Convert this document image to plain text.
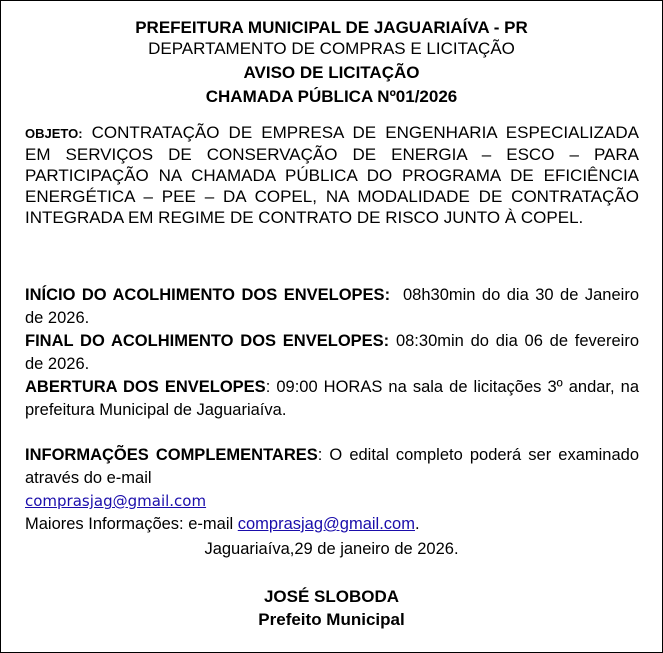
PREFEITURA MUNICIPAL DE JAGUARIAÍVA - PR
DEPARTAMENTO DE COMPRAS E LICITAÇÃO
AVISO DE LICITAÇÃO
CHAMADA PÚBLICA Nº01/2026
OBJETO: CONTRATAÇÃO DE EMPRESA DE ENGENHARIA ESPECIALIZADA EM SERVIÇOS DE CONSERVAÇÃO DE ENERGIA – ESCO – PARA PARTICIPAÇÃO NA CHAMADA PÚBLICA DO PROGRAMA DE EFICIÊNCIA ENERGÉTICA – PEE – DA COPEL, NA MODALIDADE DE CONTRATAÇÃO INTEGRADA EM REGIME DE CONTRATO DE RISCO JUNTO À COPEL.

INÍCIO DO ACOLHIMENTO DOS ENVELOPES: 08h30min do dia 30 de Janeiro de 2026.

FINAL DO ACOLHIMENTO DOS ENVELOPES: 08:30min do dia 06 de fevereiro de 2026.

ABERTURA DOS ENVELOPES: 09:00 HORAS na sala de licitações 3º andar, na prefeitura Municipal de Jaguariaíva.

INFORMAÇÕES COMPLEMENTARES: O edital completo poderá ser examinado através do e-mail

comprasjag@gmail.com

Maiores Informações: e-mail comprasjag@gmail.com.

Jaguariaíva,29 de janeiro de 2026.
JOSÉ SLOBODA
Prefeito Municipal
